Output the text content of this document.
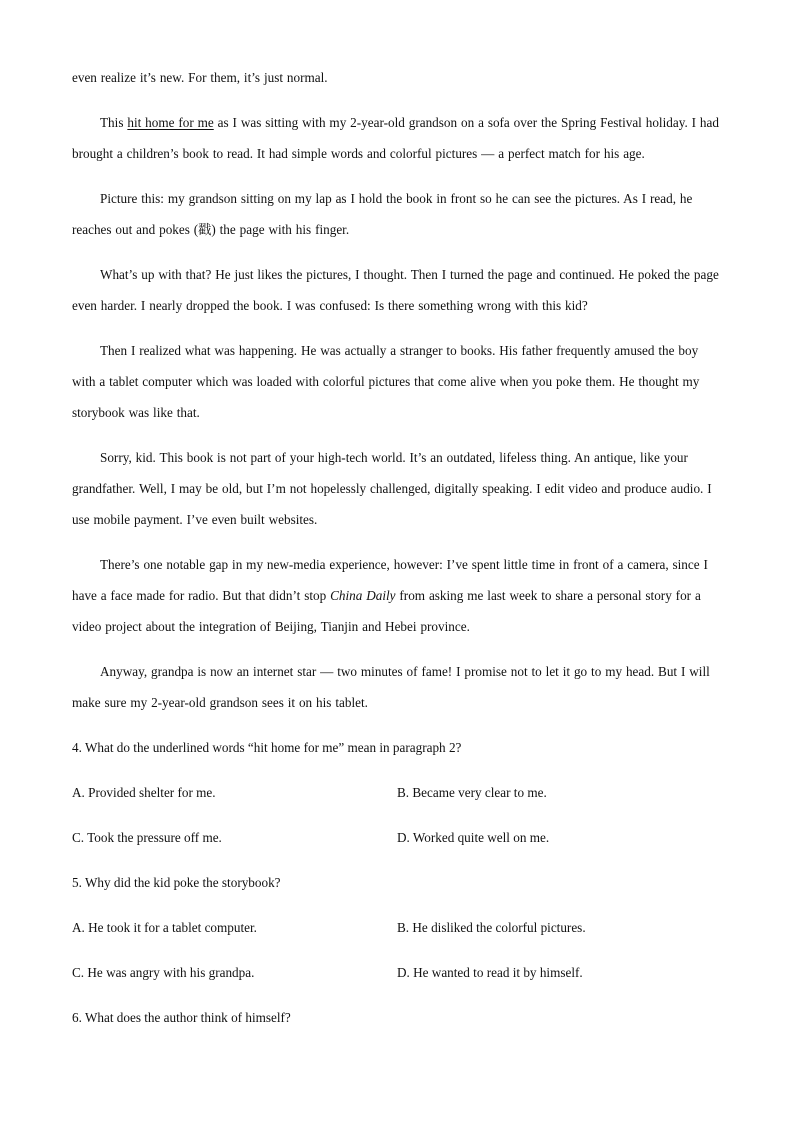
even realize it’s new. For them, it’s just normal.

This hit home for me as I was sitting with my 2-year-old grandson on a sofa over the Spring Festival holiday. I had brought a children’s book to read. It had simple words and colorful pictures — a perfect match for his age.

Picture this: my grandson sitting on my lap as I hold the book in front so he can see the pictures. As I read, he reaches out and pokes (戳) the page with his finger.

What’s up with that? He just likes the pictures, I thought. Then I turned the page and continued. He poked the page even harder. I nearly dropped the book. I was confused: Is there something wrong with this kid?

Then I realized what was happening. He was actually a stranger to books. His father frequently amused the boy with a tablet computer which was loaded with colorful pictures that come alive when you poke them. He thought my storybook was like that.

Sorry, kid. This book is not part of your high-tech world. It’s an outdated, lifeless thing. An antique, like your grandfather. Well, I may be old, but I’m not hopelessly challenged, digitally speaking. I edit video and produce audio. I use mobile payment. I’ve even built websites.

There’s one notable gap in my new-media experience, however: I’ve spent little time in front of a camera, since I have a face made for radio. But that didn’t stop China Daily from asking me last week to share a personal story for a video project about the integration of Beijing, Tianjin and Hebei province.

Anyway, grandpa is now an internet star — two minutes of fame! I promise not to let it go to my head. But I will make sure my 2-year-old grandson sees it on his tablet.

4. What do the underlined words “hit home for me” mean in paragraph 2?
A. Provided shelter for me.	B. Became very clear to me.
C. Took the pressure off me.	D. Worked quite well on me.
5. Why did the kid poke the storybook?
A. He took it for a tablet computer.	B. He disliked the colorful pictures.
C. He was angry with his grandpa.	D. He wanted to read it by himself.
6. What does the author think of himself?
